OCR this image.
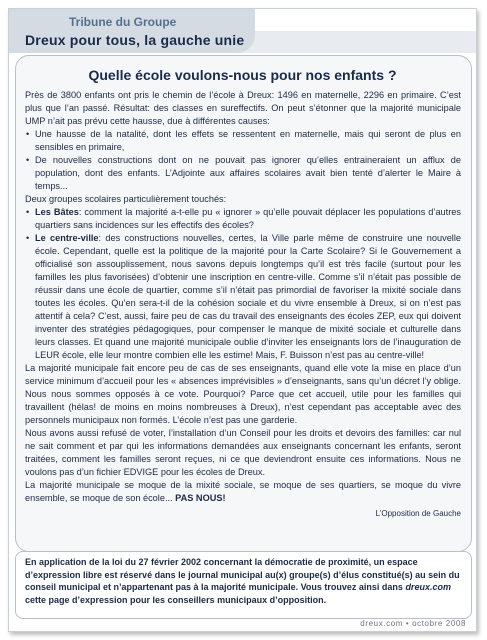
Tribune du Groupe
Dreux pour tous, la gauche unie
Quelle école voulons-nous pour nos enfants ?

Près de 3800 enfants ont pris le chemin de l’école à Dreux: 1496 en maternelle, 2296 en primaire. C’est plus que l’an passé. Résultat: des classes en sureffectifs. On peut s’étonner que la majorité municipale UMP n’ait pas prévu cette hausse, due à différentes causes:

• Une hausse de la natalité, dont les effets se ressentent en maternelle, mais qui seront de plus en sensibles en primaire,
• De nouvelles constructions dont on ne pouvait pas ignorer qu’elles entraineraient un afflux de population, dont des enfants. L’Adjointe aux affaires scolaires avait bien tenté d’alerter le Maire à temps...

Deux groupes scolaires particulièrement touchés:

• Les Bâtes: comment la majorité a-t-elle pu « ignorer » qu’elle pouvait déplacer les populations d’autres quartiers sans incidences sur les effectifs des écoles?
• Le centre-ville: des constructions nouvelles, certes, la Ville parle même de construire une nouvelle école. Cependant, quelle est la politique de la majorité pour la Carte Scolaire? Si le Gouvernement a officialisé son assouplissement, nous savons depuis longtemps qu’il est très facile (surtout pour les familles les plus favorisées) d’obtenir une inscription en centre-ville. Comme s’il n’était pas possible de réussir dans une école de quartier, comme s’il n’était pas primordial de favoriser la mixité sociale dans toutes les écoles. Qu’en sera-t-il de la cohésion sociale et du vivre ensemble à Dreux, si on n’est pas attentif à cela? C’est, aussi, faire peu de cas du travail des enseignants des écoles ZEP, eux qui doivent inventer des stratégies pédagogiques, pour compenser le manque de mixité sociale et culturelle dans leurs classes. Et quand une majorité municipale oublie d’inviter les enseignants lors de l’inauguration de LEUR école, elle leur montre combien elle les estime! Mais, F. Buisson n’est pas au centre-ville!

La majorité municipale fait encore peu de cas de ses enseignants, quand elle vote la mise en place d’un service minimum d’accueil pour les « absences imprévisibles » d’enseignants, sans qu’un décret l’y oblige. Nous nous sommes opposés à ce vote. Pourquoi? Parce que cet accueil, utile pour les familles qui travaillent (hélas! de moins en moins nombreuses à Dreux), n’est cependant pas acceptable avec des personnels municipaux non formés. L’école n’est pas une garderie.

Nous avons aussi refusé de voter, l’installation d’un Conseil pour les droits et devoirs des familles: car nul ne sait comment et par qui les informations demandées aux enseignants concernant les enfants, seront traitées, comment les familles seront reçues, ni ce que deviendront ensuite ces informations. Nous ne voulons pas d’un fichier EDVIGE pour les écoles de Dreux.

La majorité municipale se moque de la mixité sociale, se moque de ses quartiers, se moque du vivre ensemble, se moque de son école... PAS NOUS!

L’Opposition de Gauche
En application de la loi du 27 février 2002 concernant la démocratie de proximité, un espace d’expression libre est réservé dans le journal municipal au(x) groupe(s) d’élus constitué(s) au sein du conseil municipal et n’appartenant pas à la majorité municipale. Vous trouvez ainsi dans dreux.com cette page d’expression pour les conseillers municipaux d’opposition.
dreux.com • octobre 2008
